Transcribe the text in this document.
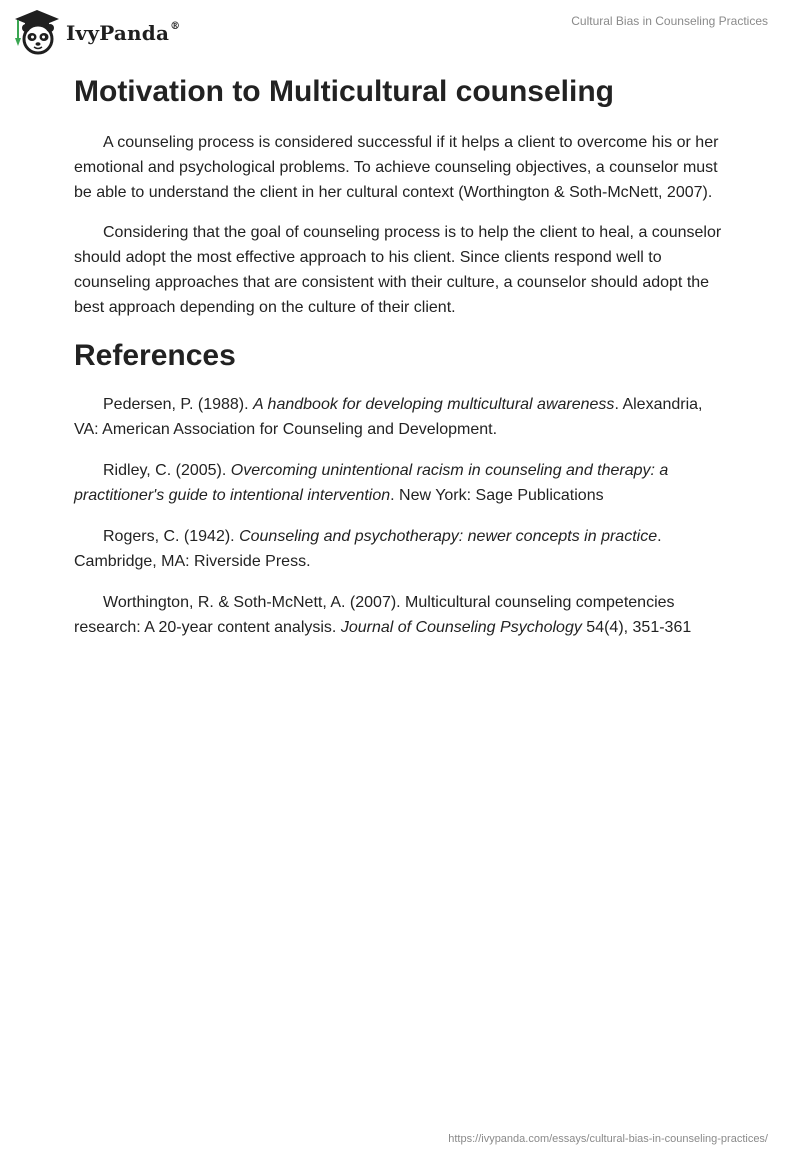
IvyPanda®	Cultural Bias in Counseling Practices
Motivation to Multicultural counseling

A counseling process is considered successful if it helps a client to overcome his or her emotional and psychological problems. To achieve counseling objectives, a counselor must be able to understand the client in her cultural context (Worthington & Soth-McNett, 2007).

Considering that the goal of counseling process is to help the client to heal, a counselor should adopt the most effective approach to his client. Since clients respond well to counseling approaches that are consistent with their culture, a counselor should adopt the best approach depending on the culture of their client.

References

Pedersen, P. (1988). A handbook for developing multicultural awareness. Alexandria, VA: American Association for Counseling and Development.

Ridley, C. (2005). Overcoming unintentional racism in counseling and therapy: a practitioner's guide to intentional intervention. New York: Sage Publications

Rogers, C. (1942). Counseling and psychotherapy: newer concepts in practice. Cambridge, MA: Riverside Press.

Worthington, R. & Soth-McNett, A. (2007). Multicultural counseling competencies research: A 20-year content analysis. Journal of Counseling Psychology 54(4), 351-361

https://ivypanda.com/essays/cultural-bias-in-counseling-practices/
